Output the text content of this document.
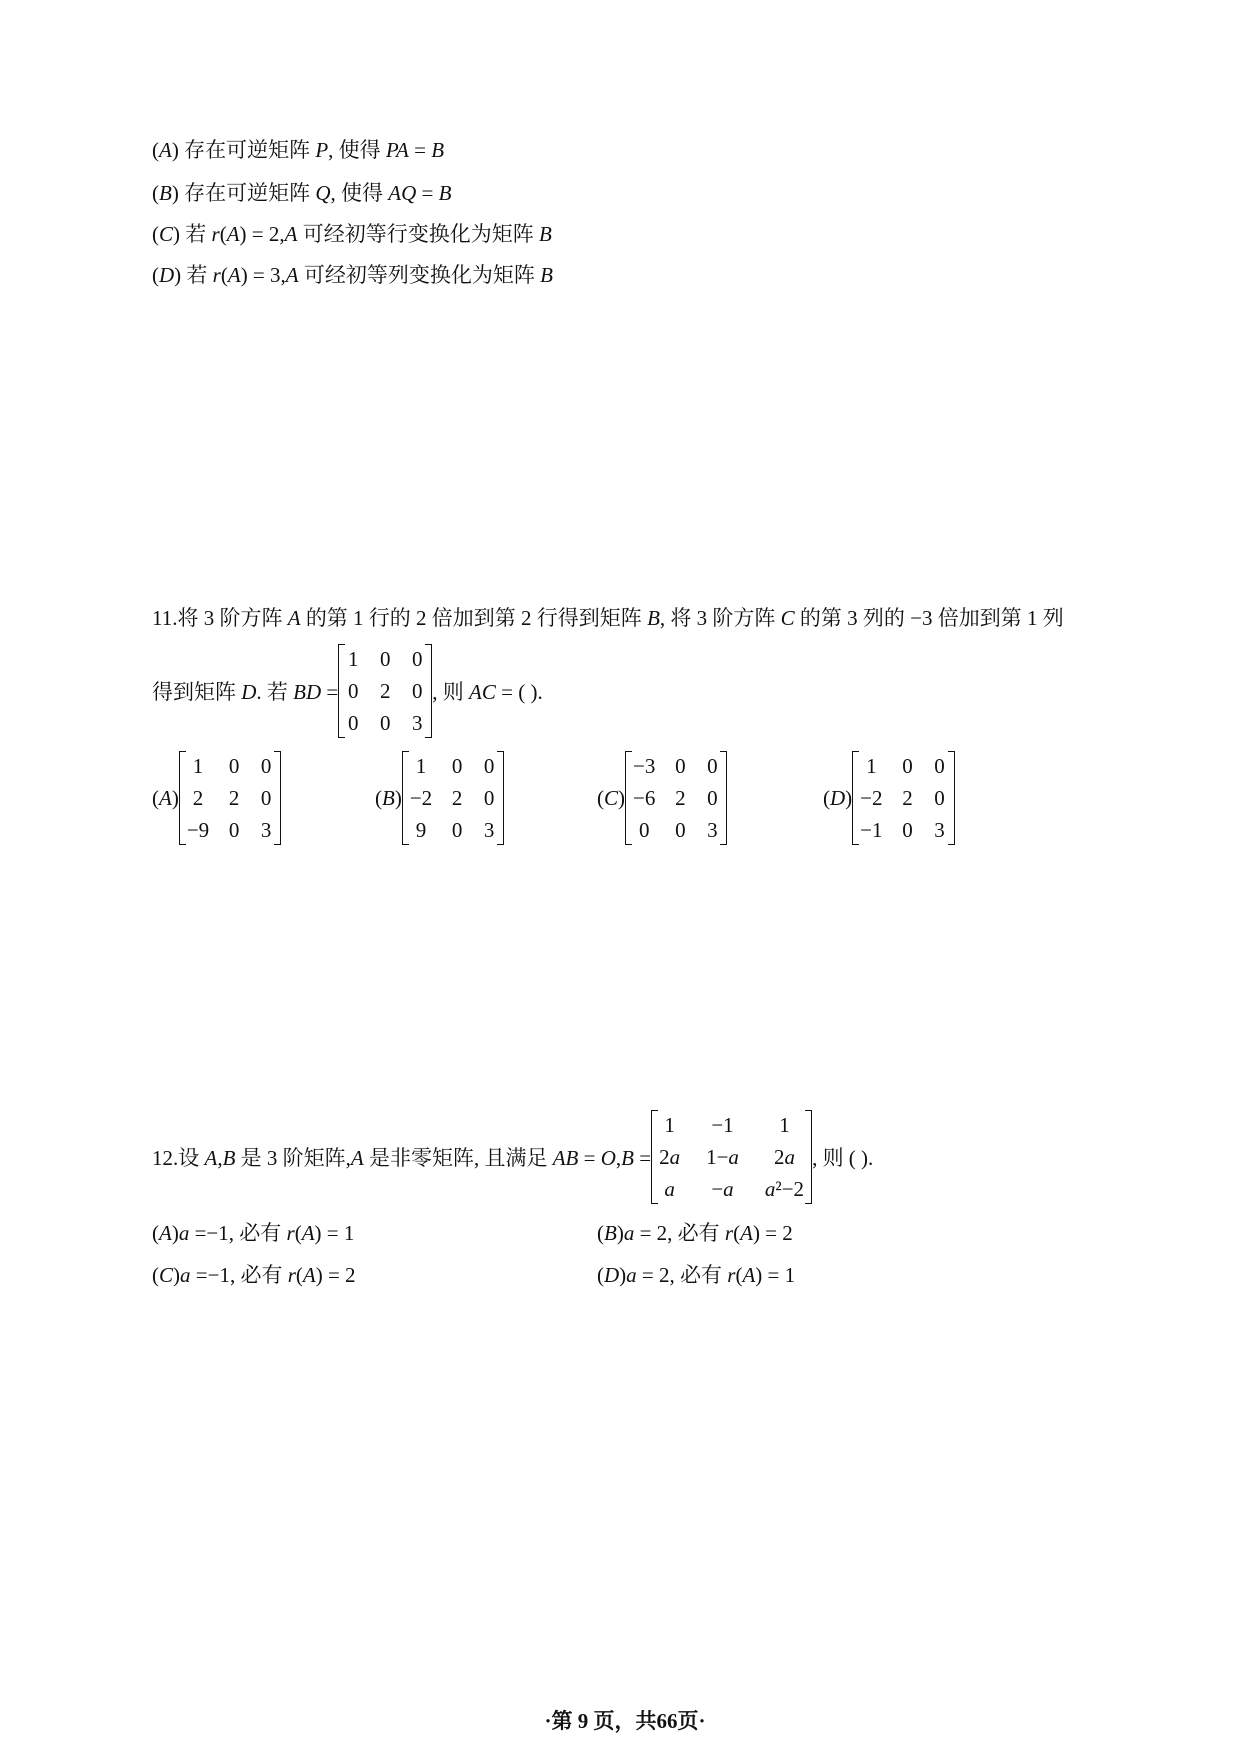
(A) 存在可逆矩阵 P, 使得 PA = B
(B) 存在可逆矩阵 Q, 使得 AQ = B
(C) 若 r(A) = 2,A 可经初等行变换化为矩阵 B
(D) 若 r(A) = 3,A 可经初等列变换化为矩阵 B
11.将 3 阶方阵 A 的第 1 行的 2 倍加到第 2 行得到矩阵 B, 将 3 阶方阵 C 的第 3 列的 −3 倍加到第 1 列
得到矩阵 D. 若 BD =
1 0 0
0 2 0
0 0 3
, 则 AC = ( ).
(A)
1 0 0
2 2 0
−9 0 3
(B)
1 0 0
−2 2 0
9 0 3
(C)
−3 0 0
−6 2 0
0 0 3
(D)
1 0 0
−2 2 0
−1 0 3
12.设 A,B 是 3 阶矩阵,A 是非零矩阵, 且满足 AB = O,B =
1 −1	1
2a 1−a	2a
a −a a²−2
, 则 ( ).
(A)a =−1, 必有 r(A) = 1	(B)a = 2, 必有 r(A) = 2
(C)a =−1, 必有 r(A) = 2	(D)a = 2, 必有 r(A) = 1
·第 9 页，共66页·
